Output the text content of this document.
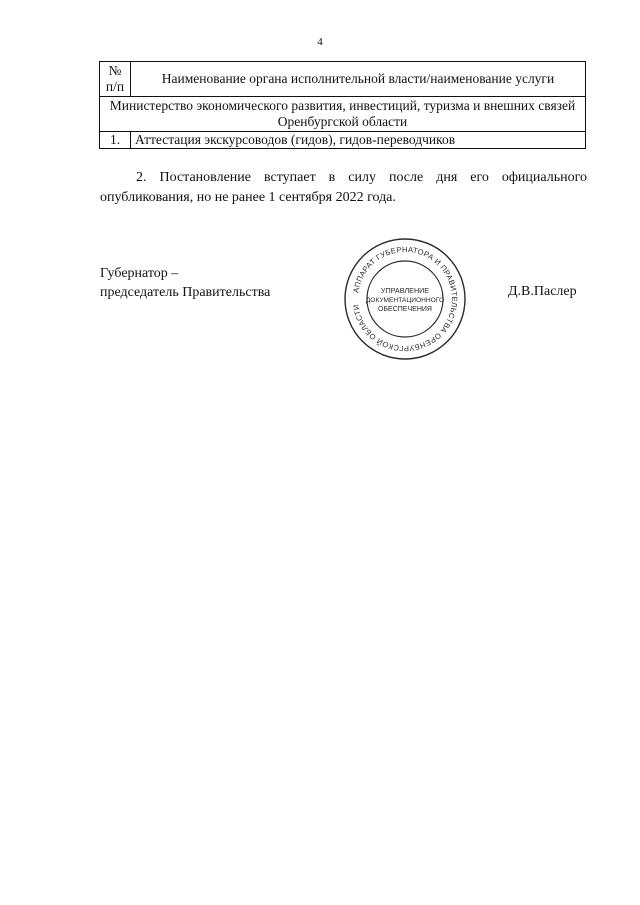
4
№
п/п	Наименование органа исполнительной власти/наименование услуги
Министерство экономического развития, инвестиций, туризма и внешних связей Оренбургской области	
1.	Аттестация экскурсоводов (гидов), гидов-переводчиков
2. Постановление вступает в силу после дня его официального опубликования, но не ранее 1 сентября 2022 года.
Губернатор –
председатель Правительства	АППАРАТ ГУБЕРНАТОРА И ПРАВИТЕЛЬСТВА ОРЕНБУРГСКОЙ ОБЛАСТИ
УПРАВЛЕНИЕ
ДОКУМЕНТАЦИОННОГО
ОБЕСПЕЧЕНИЯ
Д.В.Паслер
